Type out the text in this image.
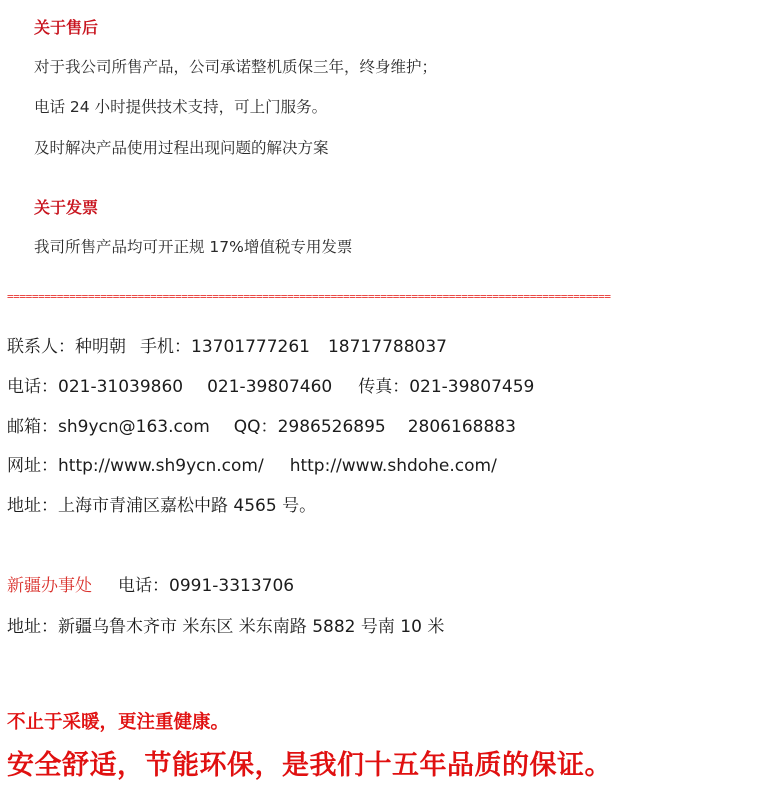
关于售后
对于我公司所售产品，公司承诺整机质保三年，终身维护；
电话 24 小时提供技术支持，可上门服务。
及时解决产品使用过程出现问题的解决方案
关于发票
我司所售产品均可开正规 17%增值税专用发票
=================================================================================================
联系人：种明朝 手机：13701777261 18717788037
电话：021-31039860 021-39807460 传真：021-39807459
邮箱：sh9ycn@163.com QQ：2986526895 2806168883
网址：http://www.sh9ycn.com/ http://www.shdohe.com/
地址：上海市青浦区嘉松中路 4565 号。
新疆办事处 电话：0991-3313706
地址：新疆乌鲁木齐市 米东区 米东南路 5882 号南 10 米
不止于采暖，更注重健康。
安全舒适，节能环保，是我们十五年品质的保证。
